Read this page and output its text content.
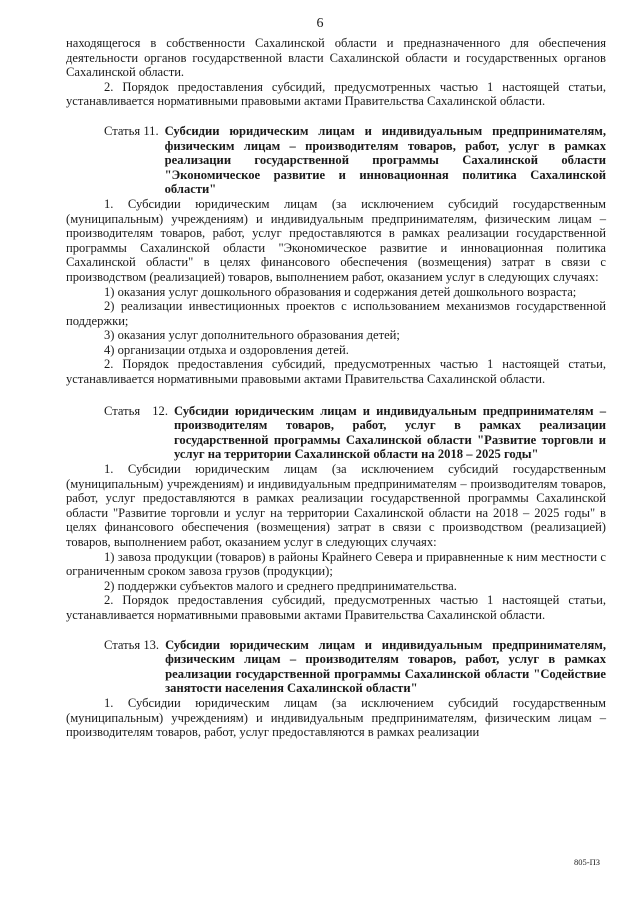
6

находящегося в собственности Сахалинской области и предназначенного для обеспечения деятельности органов государственной власти Сахалинской области и государственных органов Сахалинской области.

2. Порядок предоставления субсидий, предусмотренных частью 1 настоящей статьи, устанавливается нормативными правовыми актами Правительства Сахалинской области.

Статья 11. Субсидии юридическим лицам и индивидуальным предпринимателям, физическим лицам – производителям товаров, работ, услуг в рамках реализации государственной программы Сахалинской области "Экономическое развитие и инновационная политика Сахалинской области"

1. Субсидии юридическим лицам (за исключением субсидий государственным (муниципальным) учреждениям) и индивидуальным предпринимателям, физическим лицам – производителям товаров, работ, услуг предоставляются в рамках реализации государственной программы Сахалинской области "Экономическое развитие и инновационная политика Сахалинской области" в целях финансового обеспечения (возмещения) затрат в связи с производством (реализацией) товаров, выполнением работ, оказанием услуг в следующих случаях:

1) оказания услуг дошкольного образования и содержания детей дошкольного возраста;

2) реализации инвестиционных проектов с использованием механизмов государственной поддержки;

3) оказания услуг дополнительного образования детей;

4) организации отдыха и оздоровления детей.

2. Порядок предоставления субсидий, предусмотренных частью 1 настоящей статьи, устанавливается нормативными правовыми актами Правительства Сахалинской области.

Статья 12. Субсидии юридическим лицам и индивидуальным предпринимателям – производителям товаров, работ, услуг в рамках реализации государственной программы Сахалинской области "Развитие торговли и услуг на территории Сахалинской области на 2018 – 2025 годы"

1. Субсидии юридическим лицам (за исключением субсидий государственным (муниципальным) учреждениям) и индивидуальным предпринимателям – производителям товаров, работ, услуг предоставляются в рамках реализации государственной программы Сахалинской области "Развитие торговли и услуг на территории Сахалинской области на 2018 – 2025 годы" в целях финансового обеспечения (возмещения) затрат в связи с производством (реализацией) товаров, выполнением работ, оказанием услуг в следующих случаях:

1) завоза продукции (товаров) в районы Крайнего Севера и приравненные к ним местности с ограниченным сроком завоза грузов (продукции);

2) поддержки субъектов малого и среднего предпринимательства.

2. Порядок предоставления субсидий, предусмотренных частью 1 настоящей статьи, устанавливается нормативными правовыми актами Правительства Сахалинской области.

Статья 13. Субсидии юридическим лицам и индивидуальным предпринимателям, физическим лицам – производителям товаров, работ, услуг в рамках реализации государственной программы Сахалинской области "Содействие занятости населения Сахалинской области"

1. Субсидии юридическим лицам (за исключением субсидий государственным (муниципальным) учреждениям) и индивидуальным предпринимателям, физическим лицам – производителям товаров, работ, услуг предоставляются в рамках реализации

805-ПЗ
